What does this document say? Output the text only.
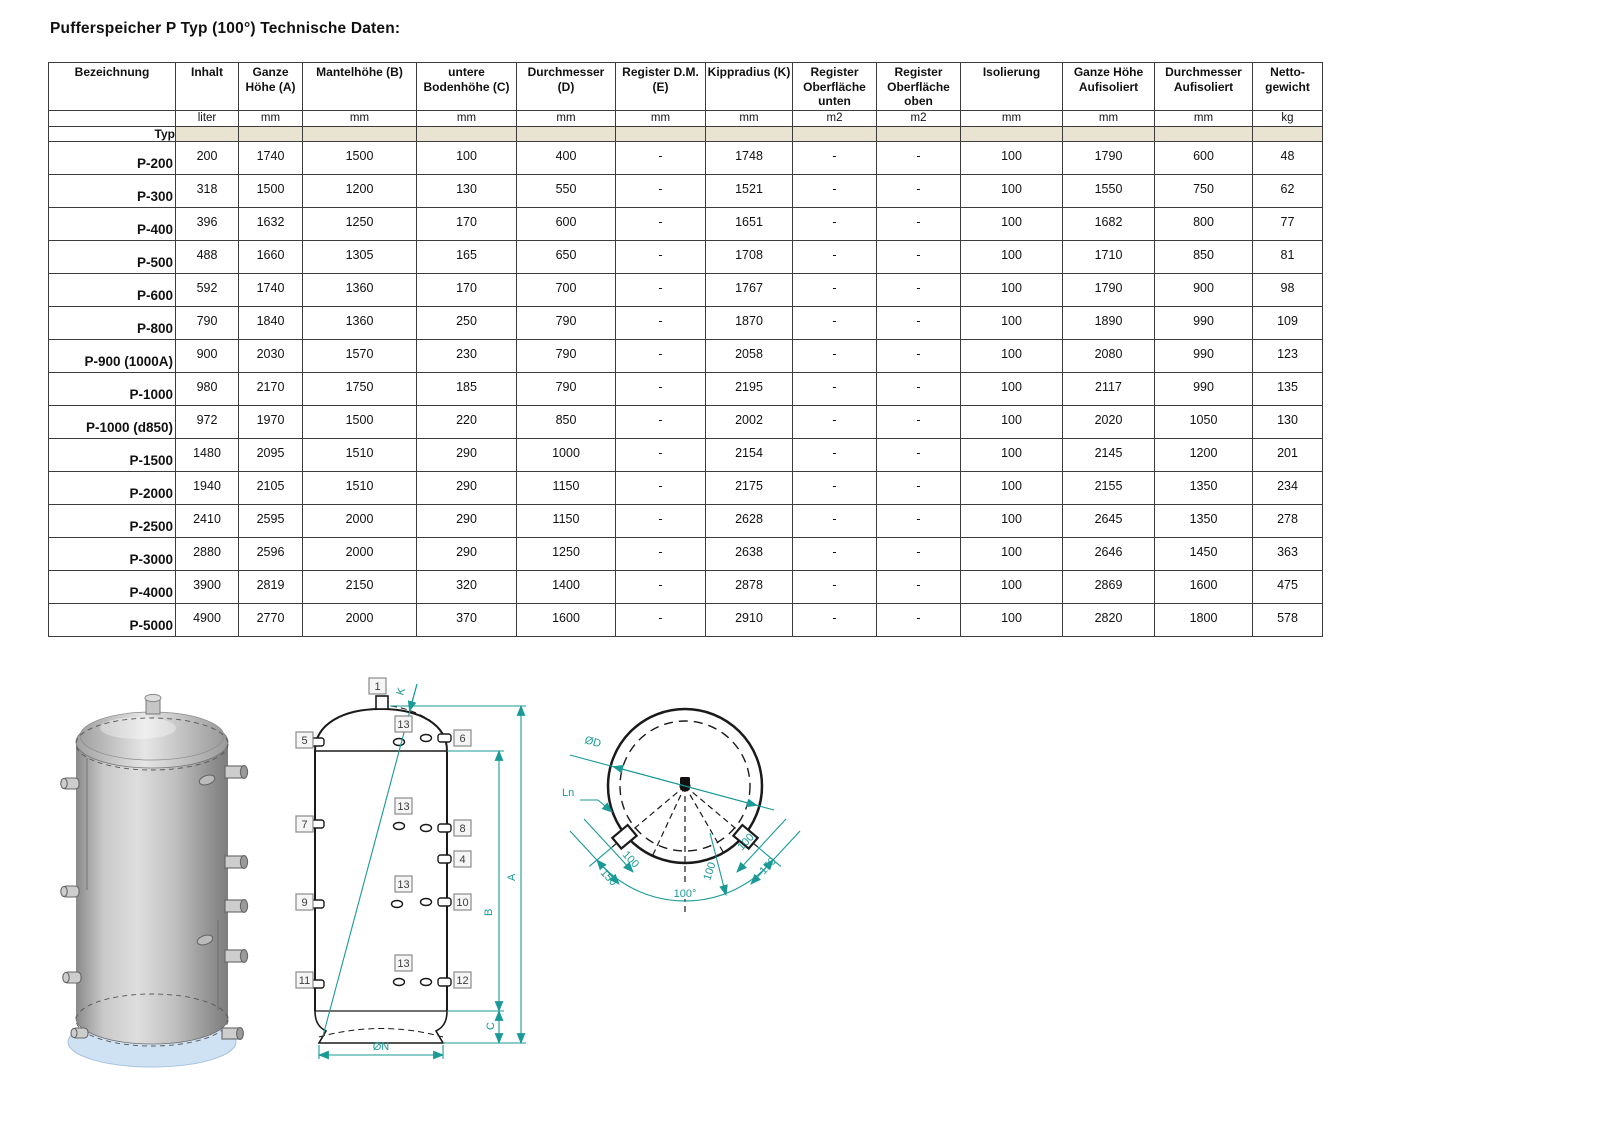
Pufferspeicher P Typ (100°) Technische Daten:
Bezeichnung	Inhalt	Ganze Höhe (A)	Mantelhöhe (B)	untere Bodenhöhe (C)	Durchmesser (D)	Register D.M. (E)	Kippradius (K)	Register Oberfläche unten	Register Oberfläche oben	Isolierung	Ganze Höhe Aufisoliert	Durchmesser Aufisoliert	Netto-gewicht
	liter	mm	mm	mm	mm	mm	mm	m2	m2	mm	mm	mm	kg
Typ													
P-200	200	1740	1500	100	400	-	1748	-	-	100	1790	600	48
P-300	318	1500	1200	130	550	-	1521	-	-	100	1550	750	62
P-400	396	1632	1250	170	600	-	1651	-	-	100	1682	800	77
P-500	488	1660	1305	165	650	-	1708	-	-	100	1710	850	81
P-600	592	1740	1360	170	700	-	1767	-	-	100	1790	900	98
P-800	790	1840	1360	250	790	-	1870	-	-	100	1890	990	109
P-900 (1000A)	900	2030	1570	230	790	-	2058	-	-	100	2080	990	123
P-1000	980	2170	1750	185	790	-	2195	-	-	100	2117	990	135
P-1000 (d850)	972	1970	1500	220	850	-	2002	-	-	100	2020	1050	130
P-1500	1480	2095	1510	290	1000	-	2154	-	-	100	2145	1200	201
P-2000	1940	2105	1510	290	1150	-	2175	-	-	100	2155	1350	234
P-2500	2410	2595	2000	290	1150	-	2628	-	-	100	2645	1350	278
P-3000	2880	2596	2000	290	1250	-	2638	-	-	100	2646	1450	363
P-4000	3900	2819	2150	320	1400	-	2878	-	-	100	2869	1600	475
P-5000	4900	2770	2000	370	1600	-	2910	-	-	100	2820	1800	578
B
A
C
K
ØN
1
5	6
7	8
4
9	10
11	12
13
13
13
13
ØD
Ln
150
100
100
150
100
100°
